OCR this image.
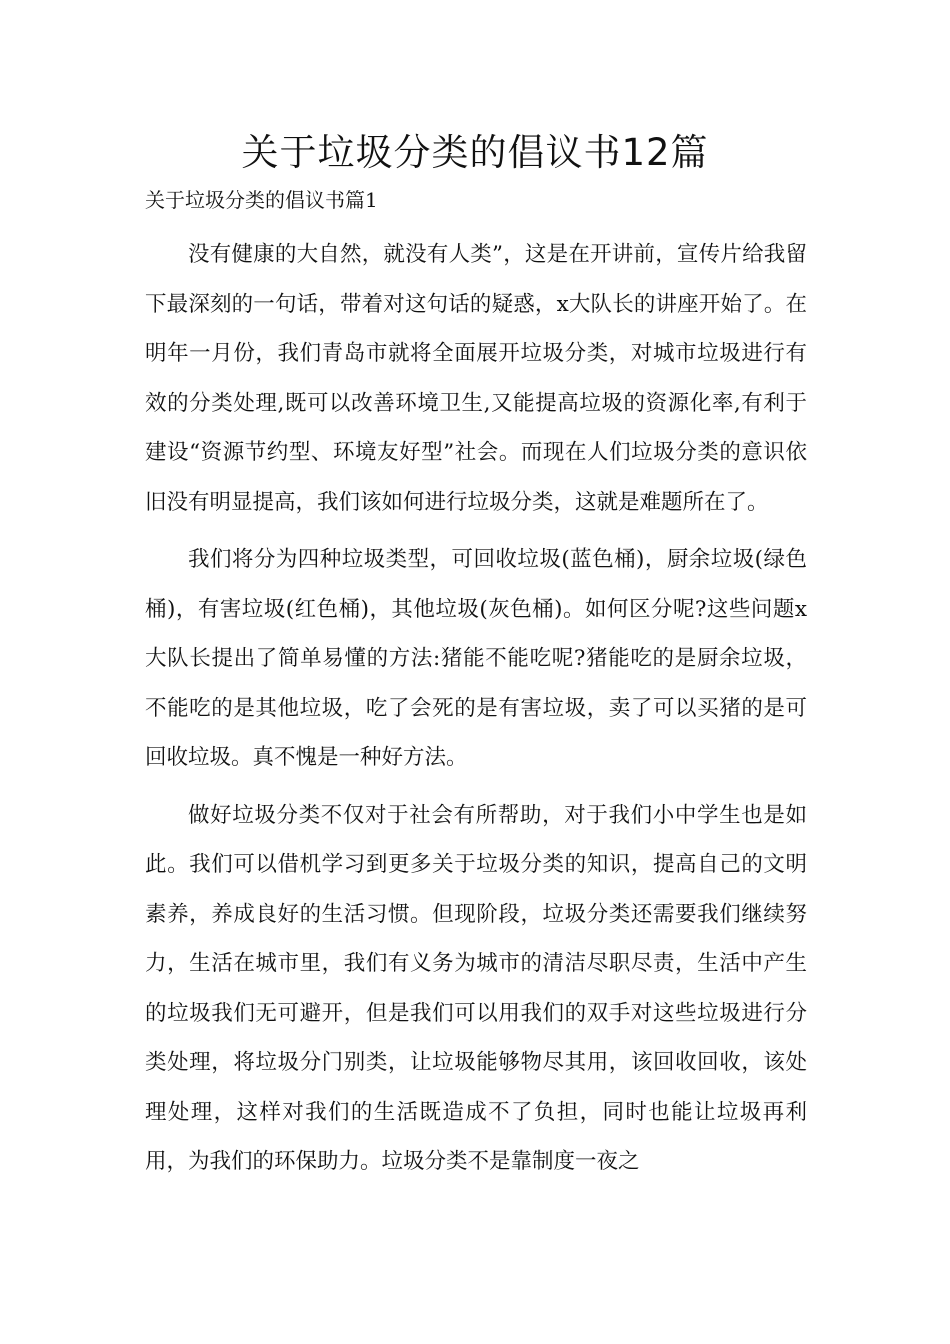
关于垃圾分类的倡议书12篇

关于垃圾分类的倡议书篇1

没有健康的大自然，就没有人类”，这是在开讲前，宣传片给我留下最深刻的一句话，带着对这句话的疑惑，x大队长的讲座开始了。在明年一月份，我们青岛市就将全面展开垃圾分类，对城市垃圾进行有效的分类处理,既可以改善环境卫生,又能提高垃圾的资源化率,有利于建设“资源节约型、环境友好型”社会。而现在人们垃圾分类的意识依旧没有明显提高，我们该如何进行垃圾分类，这就是难题所在了。

我们将分为四种垃圾类型，可回收垃圾(蓝色桶)，厨余垃圾(绿色桶)，有害垃圾(红色桶)，其他垃圾(灰色桶)。如何区分呢?这些问题x大队长提出了简单易懂的方法:猪能不能吃呢?猪能吃的是厨余垃圾，不能吃的是其他垃圾，吃了会死的是有害垃圾，卖了可以买猪的是可回收垃圾。真不愧是一种好方法。

做好垃圾分类不仅对于社会有所帮助，对于我们小中学生也是如此。我们可以借机学习到更多关于垃圾分类的知识，提高自己的文明素养，养成良好的生活习惯。但现阶段，垃圾分类还需要我们继续努力，生活在城市里，我们有义务为城市的清洁尽职尽责，生活中产生的垃圾我们无可避开，但是我们可以用我们的双手对这些垃圾进行分类处理，将垃圾分门别类，让垃圾能够物尽其用，该回收回收，该处理处理，这样对我们的生活既造成不了负担，同时也能让垃圾再利用，为我们的环保助力。垃圾分类不是靠制度一夜之
